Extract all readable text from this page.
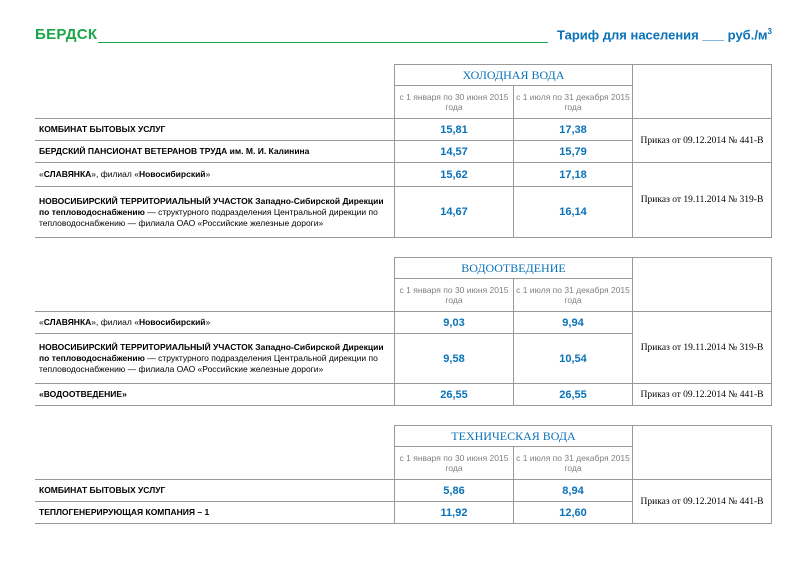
БЕРДСК	Тариф для населения ___ $руб./м^3$
	ХОЛОДНАЯ ВОДА		
	с 1 января по 30 июня 2015 года	с 1 июля по 31 декабря 2015 года	
КОМБИНАТ БЫТОВЫХ УСЛУГ	15,81	17,38	Приказ от 09.12.2014 № 441-В
БЕРДСКИЙ ПАНСИОНАТ ВЕТЕРАНОВ ТРУДА им. М. И. Калинина	14,57	15,79	
«СЛАВЯНКА», филиал «Новосибирский»	15,62	17,18	Приказ от 19.11.2014 № 319-В
НОВОСИБИРСКИЙ ТЕРРИТОРИАЛЬНЫЙ УЧАСТОК Западно-Сибирской Дирекции по тепловодоснабжению — структурного подразделения Центральной дирекции по тепловодоснабжению — филиала ОАО «Российские железные дороги»	14,67	16,14	
	ВОДООТВЕДЕНИЕ		
	с 1 января по 30 июня 2015 года	с 1 июля по 31 декабря 2015 года	
«СЛАВЯНКА», филиал «Новосибирский»	9,03	9,94	Приказ от 19.11.2014 № 319-В
НОВОСИБИРСКИЙ ТЕРРИТОРИАЛЬНЫЙ УЧАСТОК Западно-Сибирской Дирекции по тепловодоснабжению — структурного подразделения Центральной дирекции по тепловодоснабжению — филиала ОАО «Российские железные дороги»	9,58	10,54	
«ВОДООТВЕДЕНИЕ»	26,55	26,55	Приказ от 09.12.2014 № 441-В
	ТЕХНИЧЕСКАЯ ВОДА		
	с 1 января по 30 июня 2015 года	с 1 июля по 31 декабря 2015 года	
КОМБИНАТ БЫТОВЫХ УСЛУГ	5,86	8,94	Приказ от 09.12.2014 № 441-В
ТЕПЛОГЕНЕРИРУЮЩАЯ КОМПАНИЯ – 1	11,92	12,60	
